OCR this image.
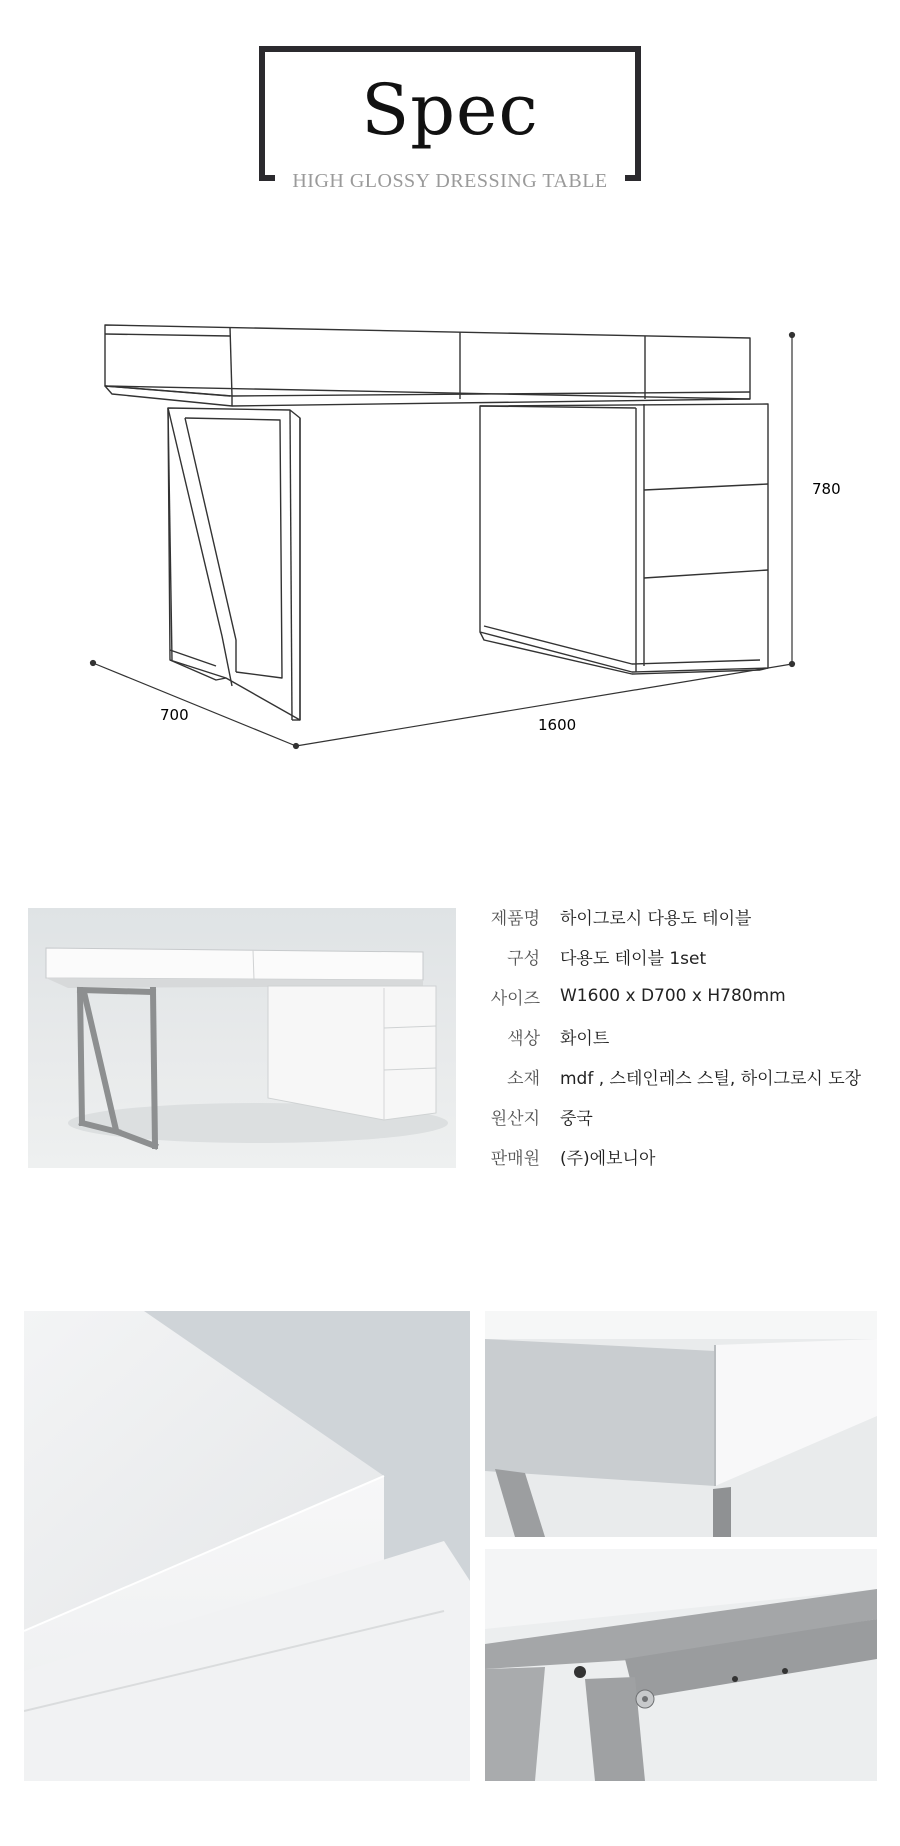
Spec
HIGH GLOSSY DRESSING TABLE
780
700
1600
제품명 하이그로시 다용도 테이블
구성 다용도 테이블 1set
사이즈 W1600 x D700 x H780mm
색상 화이트
소재 mdf , 스테인레스 스틸, 하이그로시 도장
원산지 중국
판매원 (주)에보니아
